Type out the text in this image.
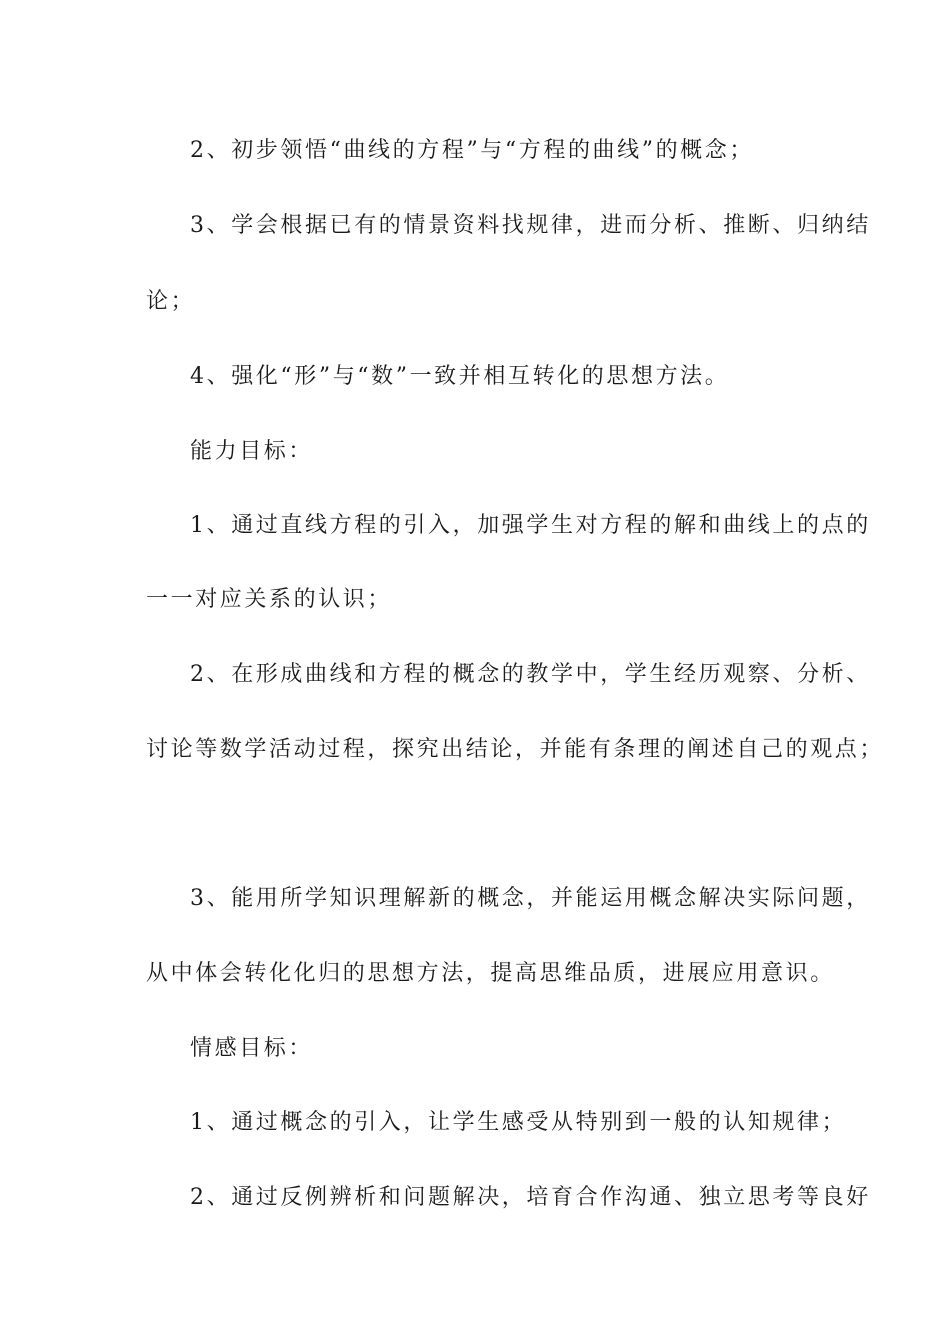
2、初步领悟“曲线的方程”与“方程的曲线”的概念；
3、学会根据已有的情景资料找规律，进而分析、推断、归纳结
论；
4、强化“形”与“数”一致并相互转化的思想方法。
能力目标：
1、通过直线方程的引入，加强学生对方程的解和曲线上的点的
一一对应关系的认识；
2、在形成曲线和方程的概念的教学中，学生经历观察、分析、
讨论等数学活动过程，探究出结论，并能有条理的阐述自己的观点；
3、能用所学知识理解新的概念，并能运用概念解决实际问题，
从中体会转化化归的思想方法，提高思维品质，进展应用意识。
情感目标：
1、通过概念的引入，让学生感受从特别到一般的认知规律；
2、通过反例辨析和问题解决，培育合作沟通、独立思考等良好
